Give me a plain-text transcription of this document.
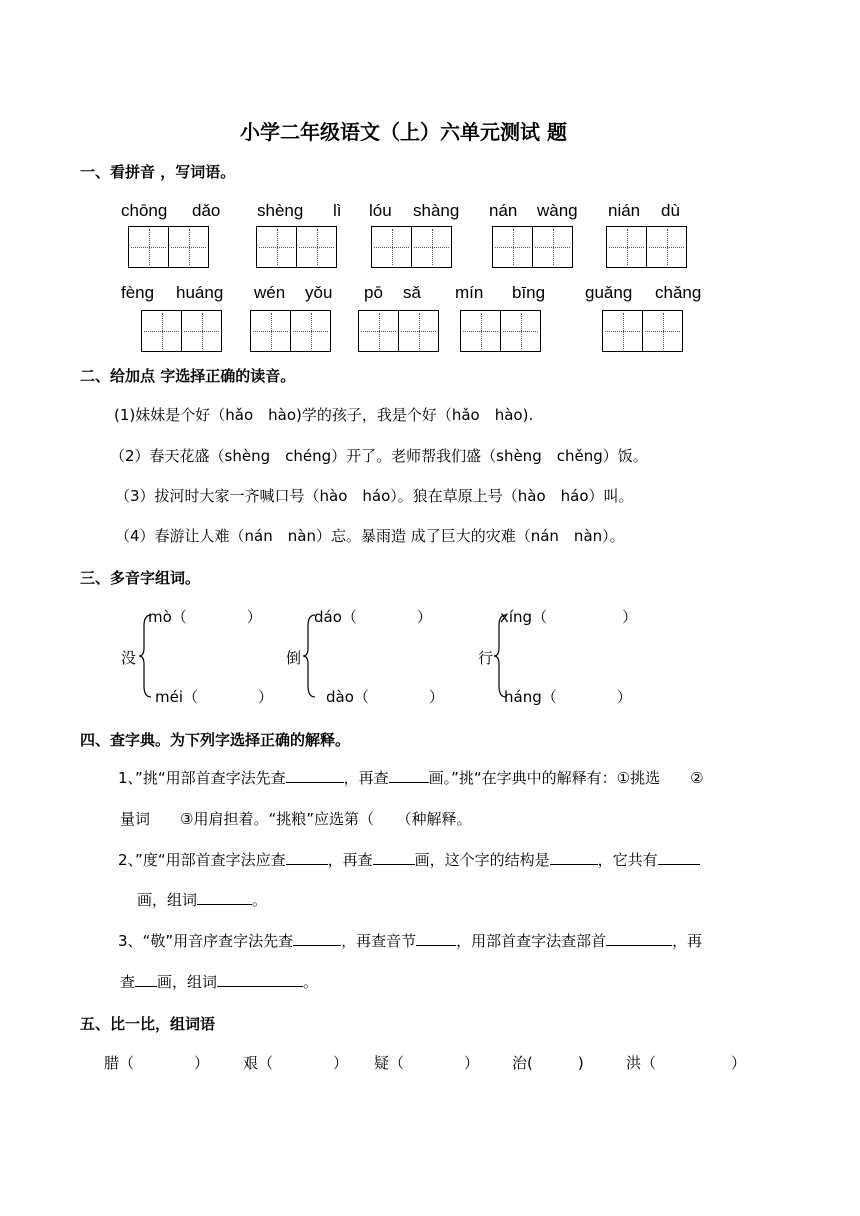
小学二年级语文（上）六单元测试 题
一、看拼音 ，写词语。
chōng dǎo shèng lì lóu shàng nán wàng nián dù
fèng huáng wén yǒu pō sǎ mín bīng guǎng chǎng
二、给加点 字选择正确的读音。
(1)妹妹是个好（hǎo　hào)学的孩子，我是个好（hǎo　hào).
（2）春天花盛（shèng　chéng）开了。老师帮我们盛（shèng　chěng）饭。
（3）拔河时大家一齐喊口号（hào　háo）。狼在草原上号（hào　háo）叫。
（4）春游让人难（nán　nàn）忘。暴雨造 成了巨大的灾难（nán　nàn）。
三、多音字组词。
没
mò（　　　　）
méi（　　　　）
倒
dáo（　　　　）
dào（　　　　）
行
xíng（　　　　　）
háng（　　　　）
四、查字典。为下列字选择正确的解释。
1、”挑“用部首查字法先查	，再查	画。”挑“在字典中的解释有：①挑选　　②
量词　　③用肩担着。“挑粮”应选第（　　（种解释。
2、”度“用部首查字法应查	，再查	画，这个字的结构是	，它共有
画，组词	。
3、“敬”用音序查字法先查	，再查音节	，用部首查字法查部首	，再
查 画，组词	。
五、比一比，组词语
腊（　　　　） 艰（　　　　） 疑（　　　　） 治(　　　)	洪（　　　　　）
